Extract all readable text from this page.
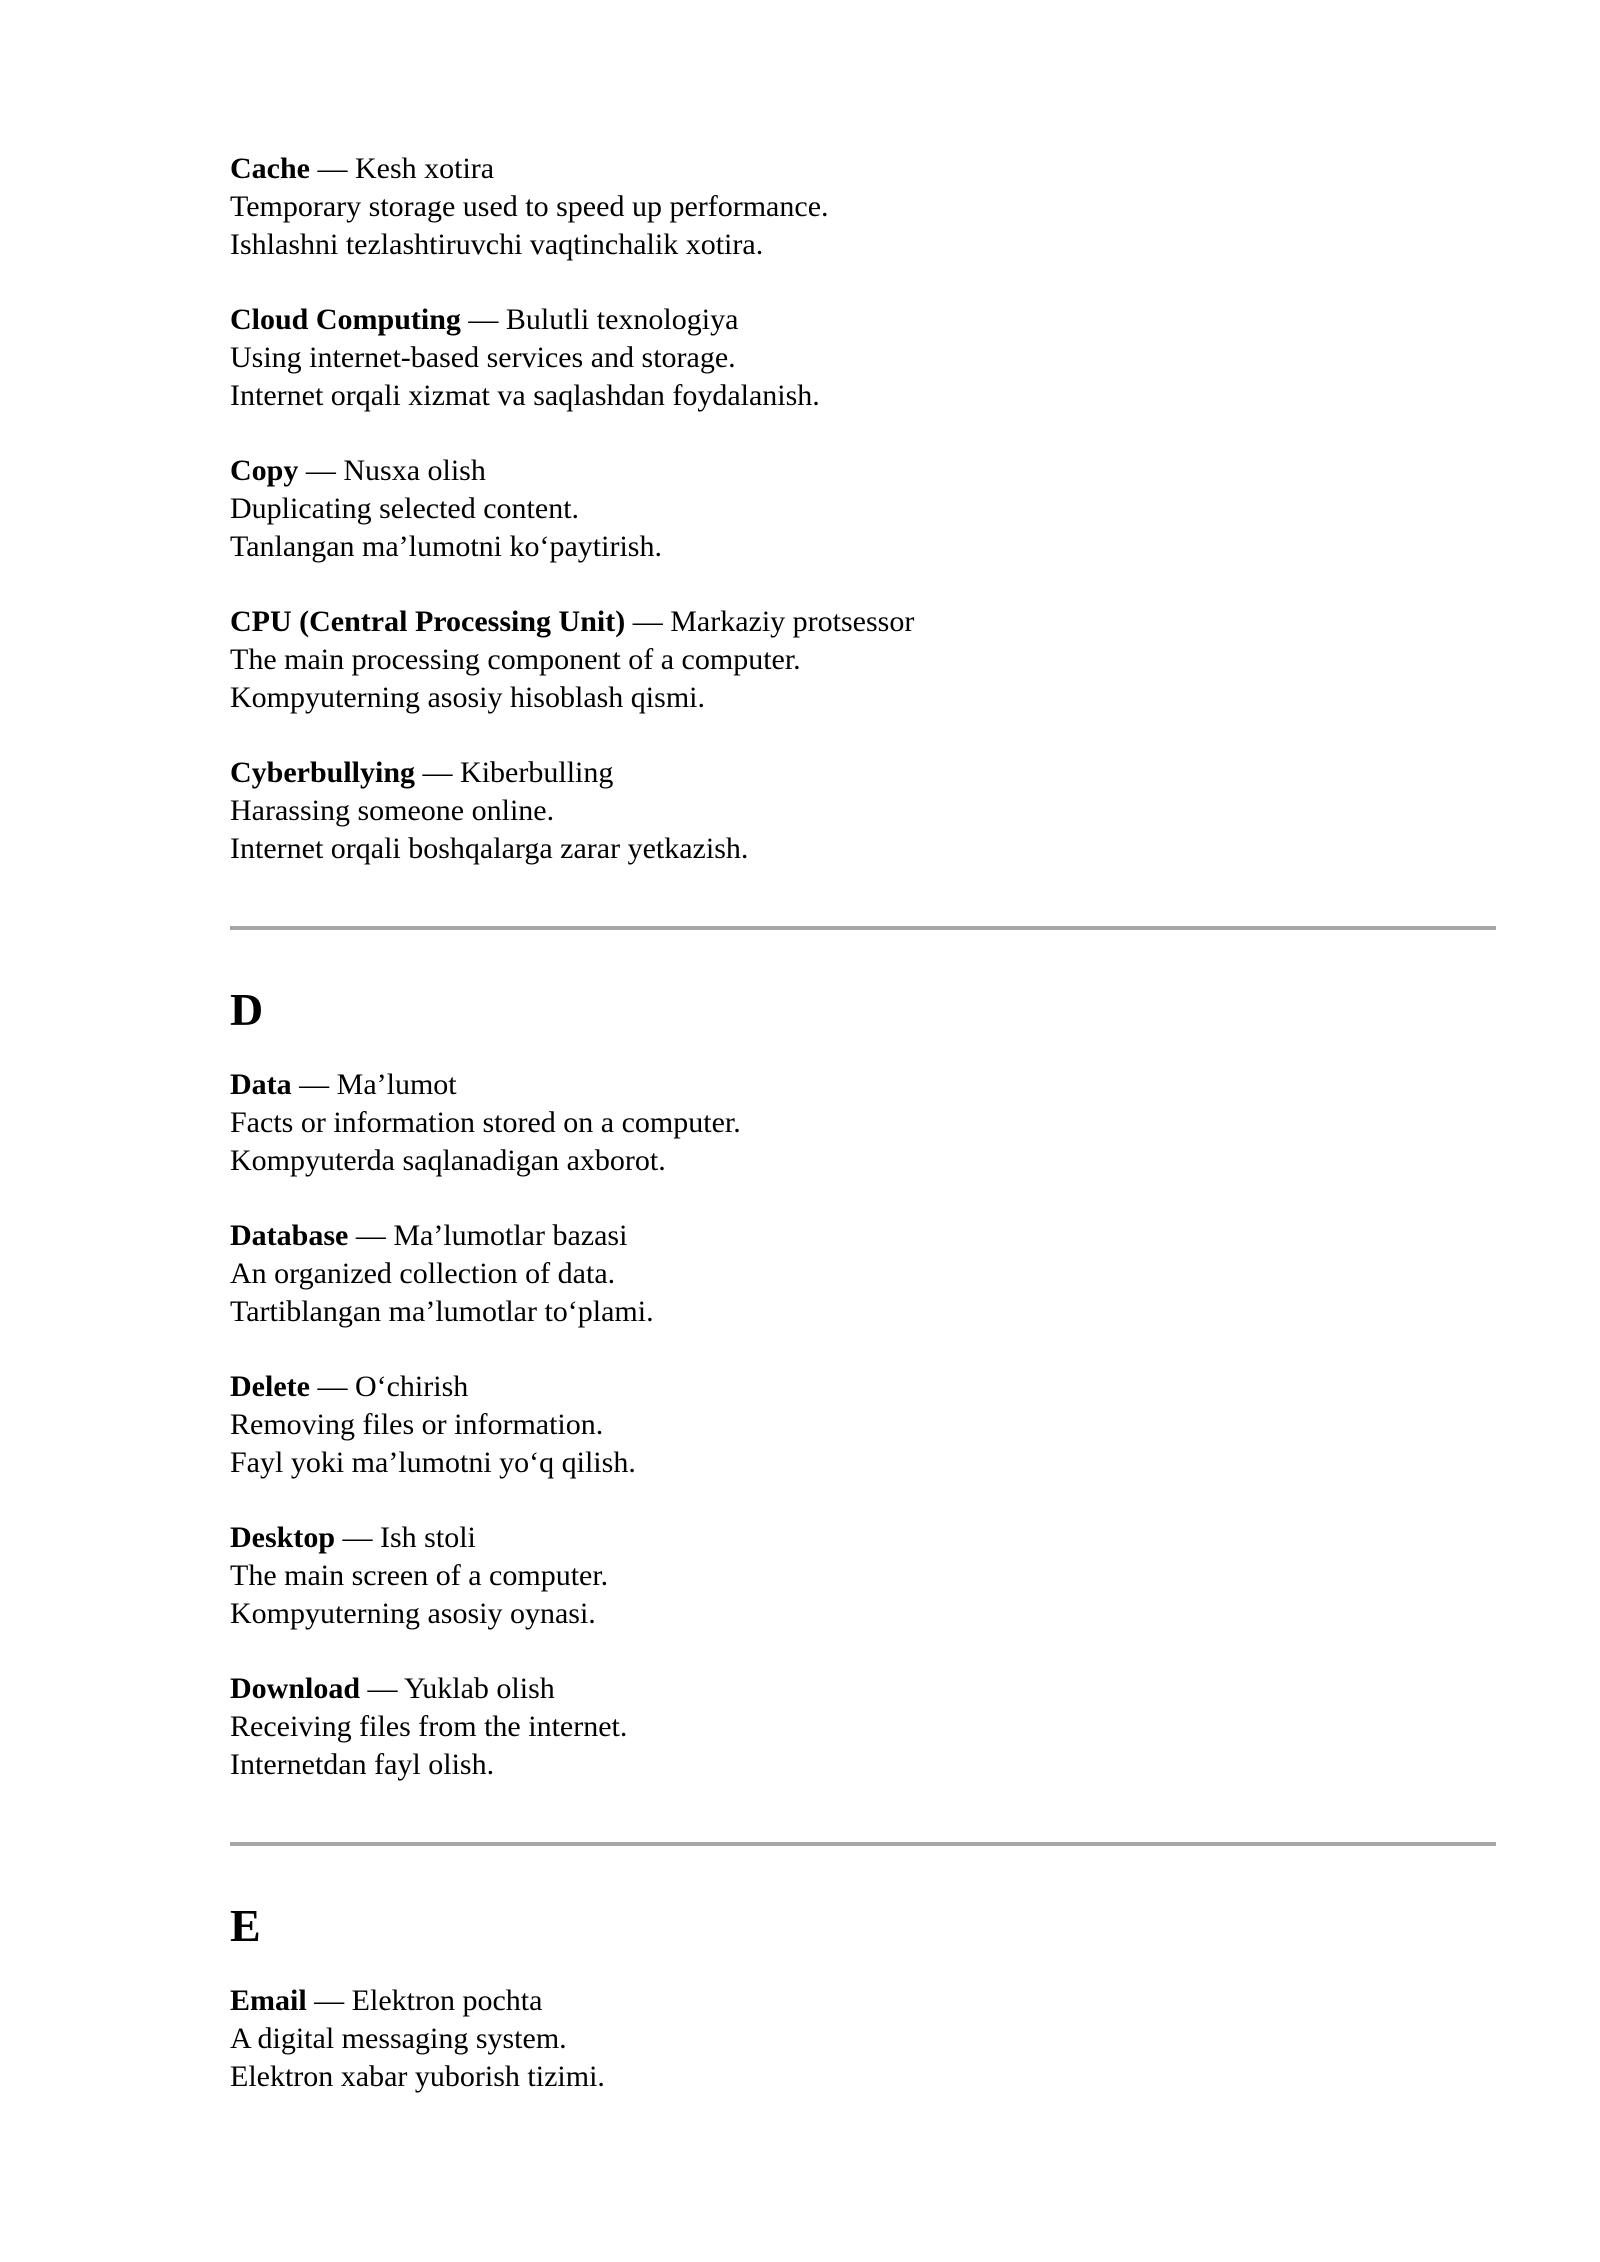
Cache — Kesh xotira
Temporary storage used to speed up performance.
Ishlashni tezlashtiruvchi vaqtinchalik xotira.
Cloud Computing — Bulutli texnologiya
Using internet-based services and storage.
Internet orqali xizmat va saqlashdan foydalanish.
Copy — Nusxa olish
Duplicating selected content.
Tanlangan ma’lumotni ko‘paytirish.
CPU (Central Processing Unit) — Markaziy protsessor
The main processing component of a computer.
Kompyuterning asosiy hisoblash qismi.
Cyberbullying — Kiberbulling
Harassing someone online.
Internet orqali boshqalarga zarar yetkazish.
D
Data — Ma’lumot
Facts or information stored on a computer.
Kompyuterda saqlanadigan axborot.
Database — Ma’lumotlar bazasi
An organized collection of data.
Tartiblangan ma’lumotlar to‘plami.
Delete — O‘chirish
Removing files or information.
Fayl yoki ma’lumotni yo‘q qilish.
Desktop — Ish stoli
The main screen of a computer.
Kompyuterning asosiy oynasi.
Download — Yuklab olish
Receiving files from the internet.
Internetdan fayl olish.
E
Email — Elektron pochta
A digital messaging system.
Elektron xabar yuborish tizimi.
